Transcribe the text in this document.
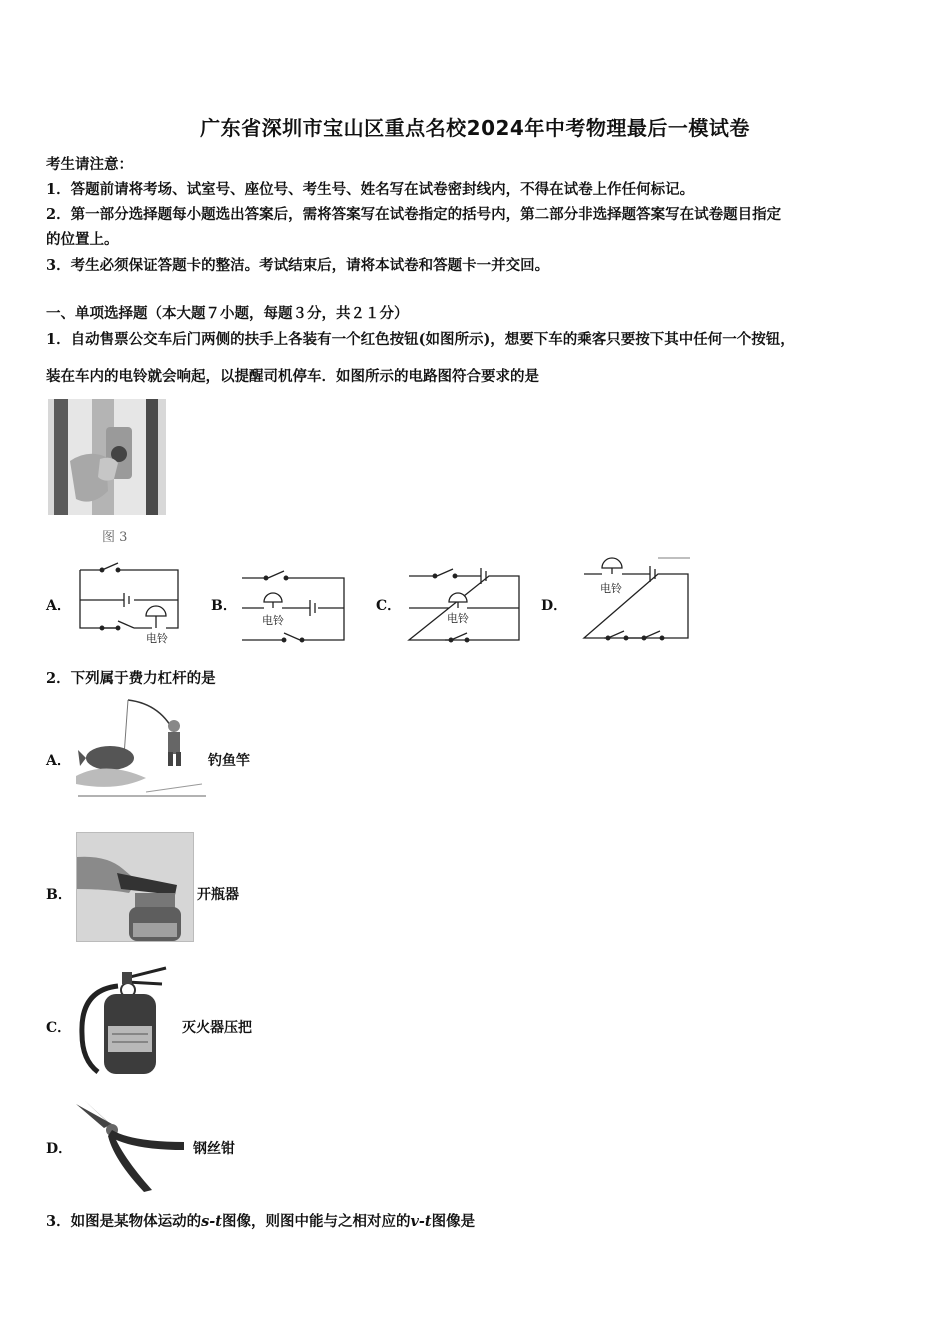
广东省深圳市宝山区重点名校2024年中考物理最后一模试卷
考生请注意：
1．答题前请将考场、试室号、座位号、考生号、姓名写在试卷密封线内，不得在试卷上作任何标记。
2．第一部分选择题每小题选出答案后，需将答案写在试卷指定的括号内，第二部分非选择题答案写在试卷题目指定
的位置上。
3．考生必须保证答题卡的整洁。考试结束后，请将本试卷和答题卡一并交回。
一、单项选择题（本大题７小题，每题３分，共２１分）
1．自动售票公交车后门两侧的扶手上各装有一个红色按钮(如图所示)，想要下车的乘客只要按下其中任何一个按钮，
装在车内的电铃就会响起，以提醒司机停车．如图所示的电路图符合要求的是
图 3
A．
电铃
B．
电铃
C．
电铃
D．
电铃
2．下列属于费力杠杆的是
A．	钓鱼竿
B．	开瓶器
C．	灭火器压把
D．	钢丝钳
3．如图是某物体运动的s-t图像，则图中能与之相对应的v-t图像是
